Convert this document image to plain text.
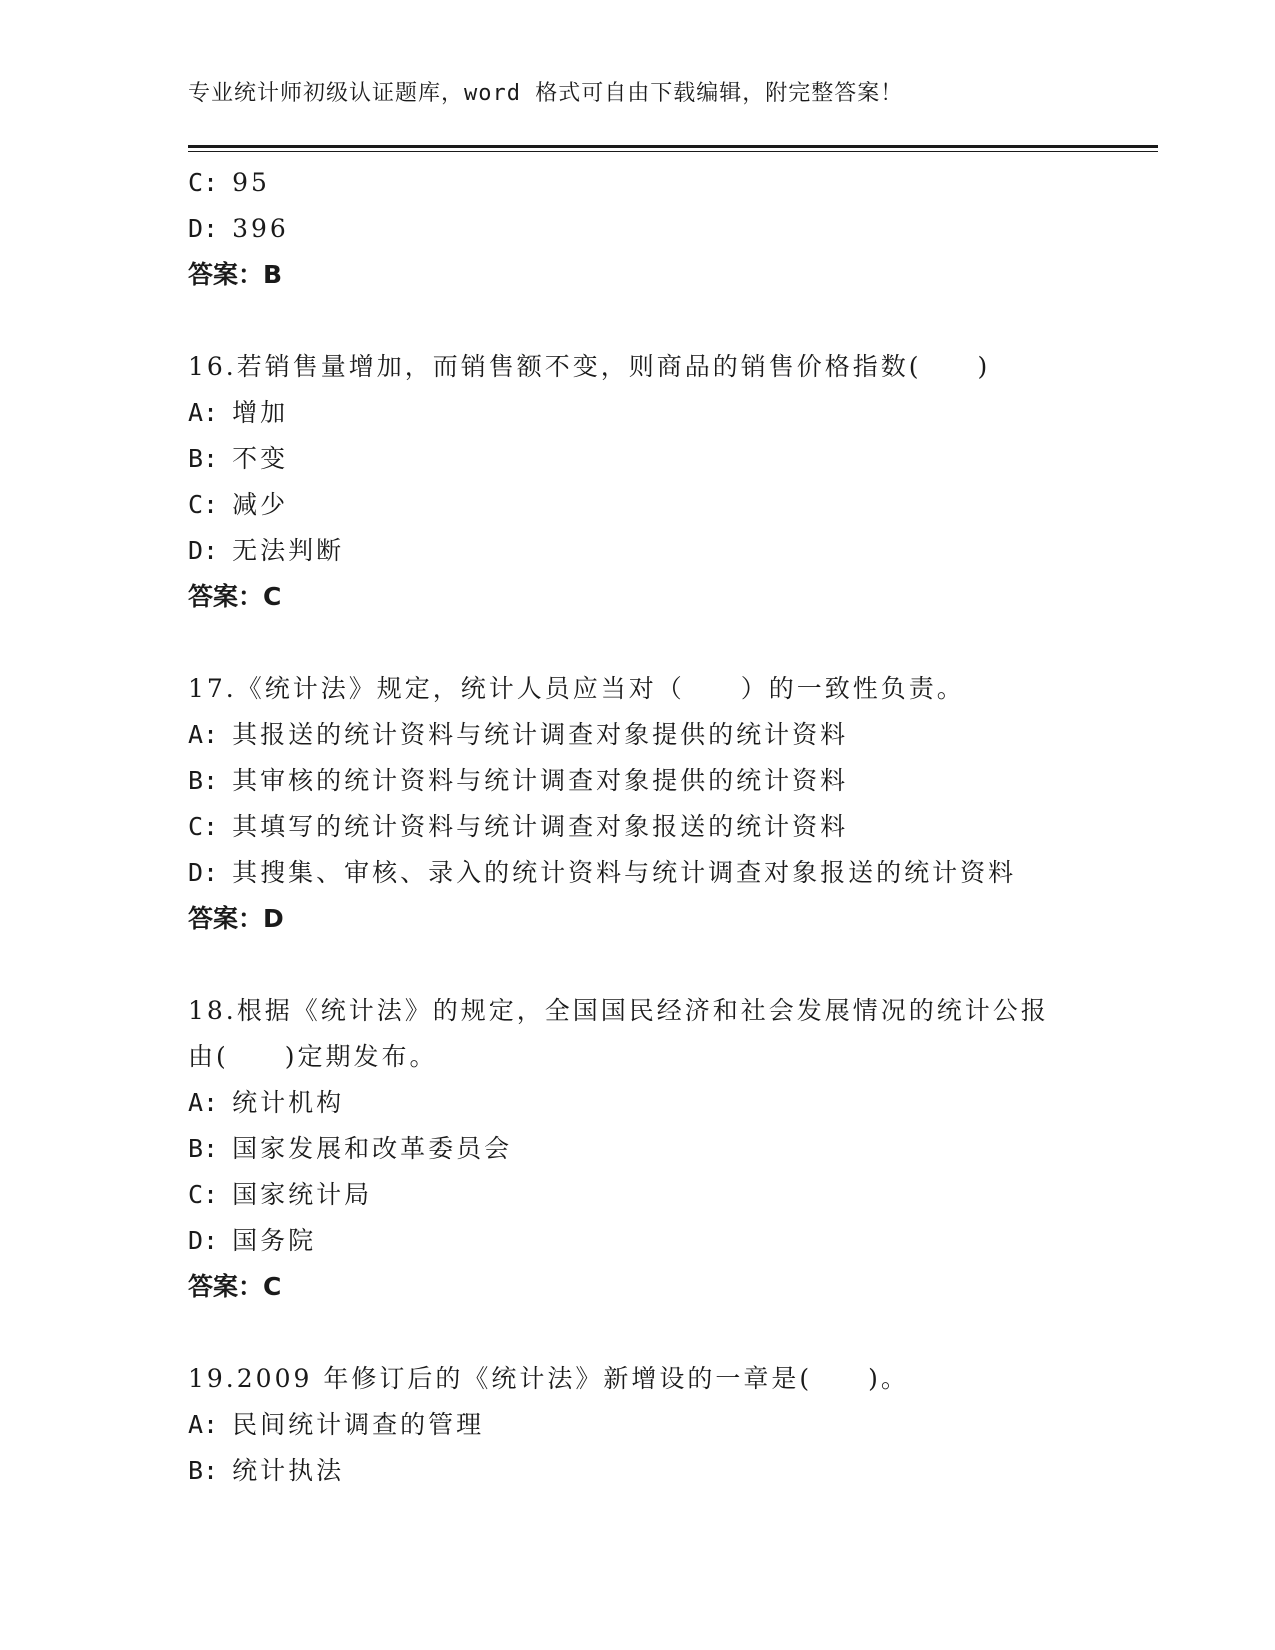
专业统计师初级认证题库，word 格式可自由下载编辑，附完整答案！
C: 95
D: 396
答案：B
16.若销售量增加，而销售额不变，则商品的销售价格指数(　　)
A: 增加
B: 不变
C: 减少
D: 无法判断
答案：C
17.《统计法》规定，统计人员应当对（　　）的一致性负责。
A: 其报送的统计资料与统计调查对象提供的统计资料
B: 其审核的统计资料与统计调查对象提供的统计资料
C: 其填写的统计资料与统计调查对象报送的统计资料
D: 其搜集、审核、录入的统计资料与统计调查对象报送的统计资料
答案：D
18.根据《统计法》的规定，全国国民经济和社会发展情况的统计公报
由(　　)定期发布。
A: 统计机构
B: 国家发展和改革委员会
C: 国家统计局
D: 国务院
答案：C
19.2009 年修订后的《统计法》新增设的一章是(　　)。
A: 民间统计调查的管理
B: 统计执法
